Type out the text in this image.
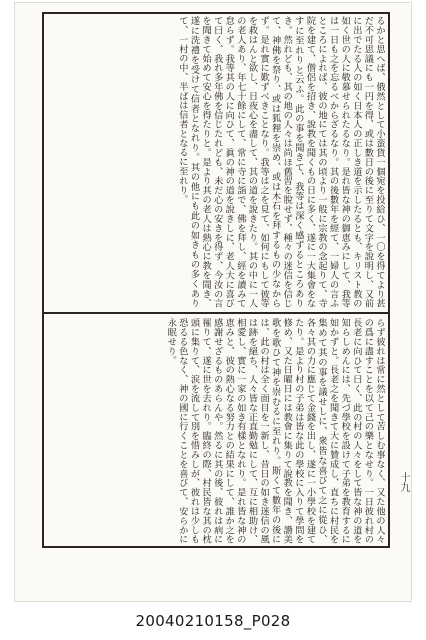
るかと思へば、俄然として小蛮貨一個宛を投給ひ、一〇を得てより甚だ不可思議にも一円を得、或は數日の後に至りて文字を說明し、又前に出でたる人の如く日本人の正しき道を示したるとも、キリスト教の如く世の人に敬慕せられたるなり。是れ皆な神の御恵みにして、我等は一日も之を忘るべからざるなり。其の後數年を經て、一婦人の言ふところによれば、彼の地にては其の頃より一般に宗教の念起りて、寺院を建て、僧侶を招き、說教を聞くもの日に多く、遂に一大集會をなすに至れりと云ふ。此の事を聞きて、我等は深く感ずるところありき。然れども、其の地の人々は尚ほ舊習を脫せず、種々の迷信を信じて、神佛を祭り、或は狐狸を崇め、或は木石を拜するもの少なからず。是れ實に歎ずべきことなり。我等は之を見て、如何にもして彼等を救はんと欲し、日夜心を盡して、其の道を說きたり。其の中に一人の老人あり、年七十餘にして、常に寺に詣で、佛を拜し、經を讀みて怠らず。我等其の人に向ひて、眞の神の道を說きしに、老人大に喜びて曰く、我れ多年佛を信じたれども、未だ心の安きを得ず、今汝の言を聞きて始めて安心を得たりと。是より其の老人は熱心に教を聞き、遂に洗禮を受けて信者となれり。其の他にも此の如きもの多くありて、一村の中、半ばは信者となるに至れり。
らず彼れは常に然として苦しむ事なく、又た他の人々の爲に盡すことを以て己の樂となせり。一日彼れ村の長老に向ひて曰く、此の村の人々をして皆な神の道を知らしめんには、先づ學校を設けて子弟を教育するに如かずと。長老之を聞きて大に贊成し、直ちに村民を集めて其の事を議せしに、衆皆な喜びて之に從ひ、各々其の力に應じて金錢を出し、遂に一小學校を建てたり。是より村の子弟は皆な此の學校に入りて學問を修め、又た日曜日には教會に集りて說教を聞き、讚美歌を歌ひて神を崇むるに至れり。斯くて數年の後には、此の村は全く面目を一新し、昔日の如き迷信の風は跡を絕ち、人々皆な正直勤勉にして、互に相助け、相愛し、實に一家の如き有樣となれり。是れ皆な神の恵みと、彼の熱心なる努力との結果にして、誰か之を感謝せざるものあらんや。然るに其の後、彼れは病に罹りて、遂に世を去れり。臨終の際、村民皆な其の枕頭に集りて、涙を流して別を惜みしが、彼れは少しも恐るる色なく、神の國に行くことを喜びて、安らかに永眠せり。
十九
20040210158_P028
